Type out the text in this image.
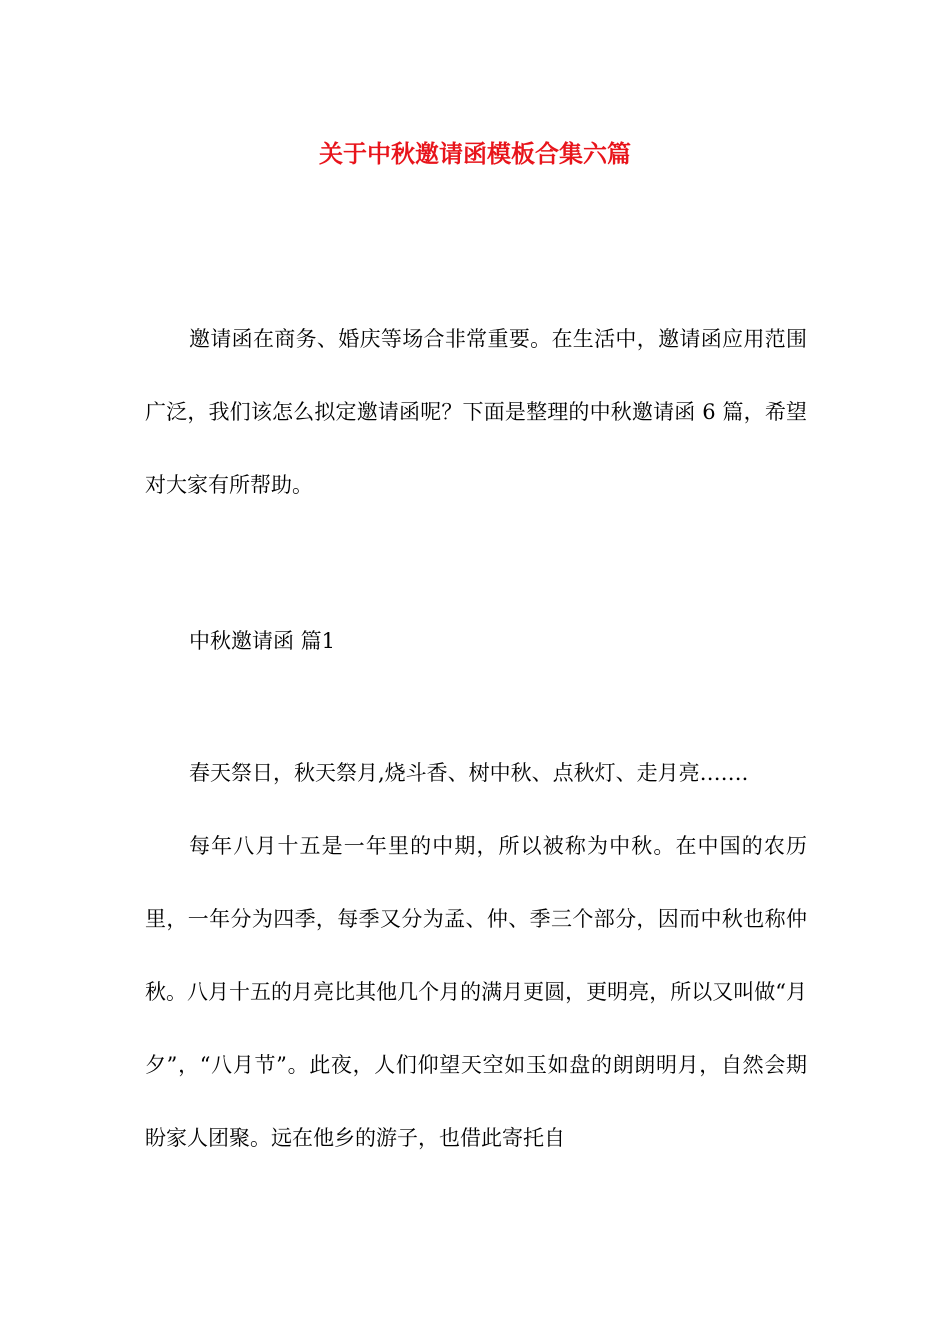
关于中秋邀请函模板合集六篇

邀请函在商务、婚庆等场合非常重要。在生活中，邀请函应用范围广泛，我们该怎么拟定邀请函呢？下面是整理的中秋邀请函 6 篇，希望对大家有所帮助。

中秋邀请函 篇1

春天祭日，秋天祭月,烧斗香、树中秋、点秋灯、走月亮…….

每年八月十五是一年里的中期，所以被称为中秋。在中国的农历里，一年分为四季，每季又分为孟、仲、季三个部分，因而中秋也称仲秋。八月十五的月亮比其他几个月的满月更圆，更明亮，所以又叫做“月夕”，“八月节”。此夜，人们仰望天空如玉如盘的朗朗明月，自然会期盼家人团聚。远在他乡的游子，也借此寄托自
